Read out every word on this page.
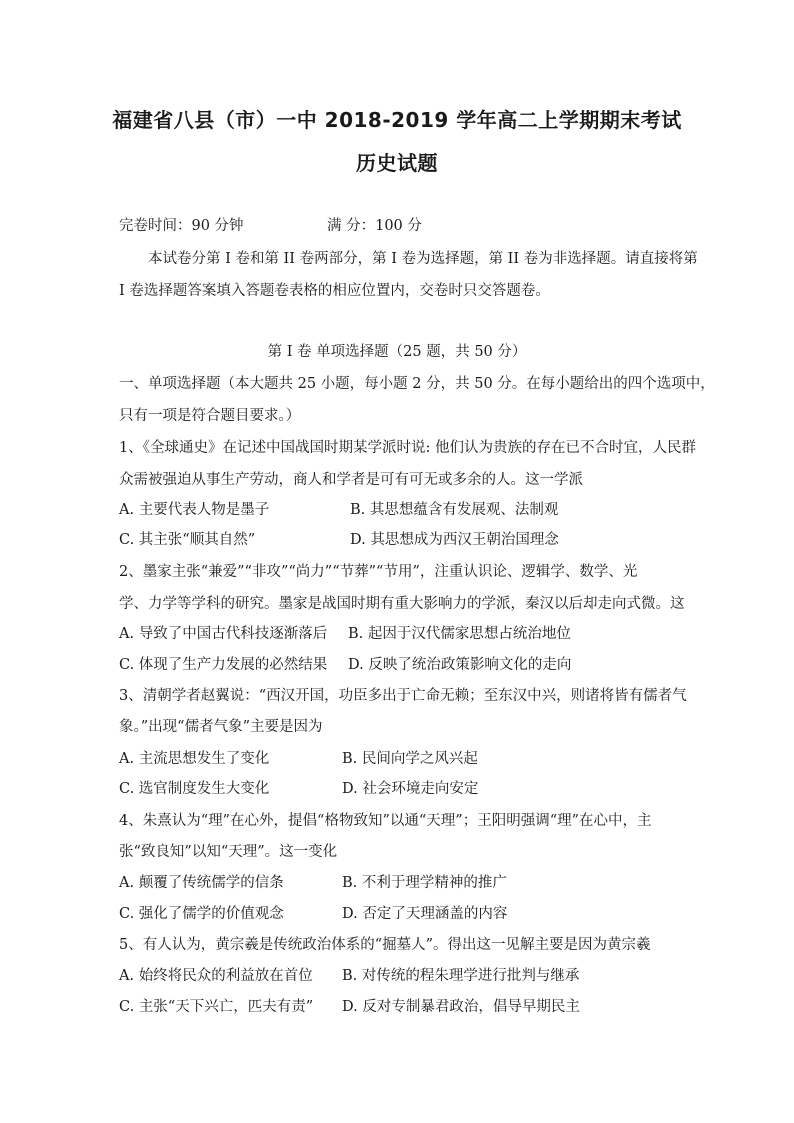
福建省八县（市）一中 2018-2019 学年高二上学期期末考试
历史试题
完卷时间：90 分钟	满 分：100 分
本试卷分第 I 卷和第 II 卷两部分，第 I 卷为选择题，第 II 卷为非选择题。请直接将第
I 卷选择题答案填入答题卷表格的相应位置内，交卷时只交答题卷。
第 I 卷 单项选择题（25 题，共 50 分）
一、单项选择题（本大题共 25 小题，每小题 2 分，共 50 分。在每小题给出的四个选项中，
只有一项是符合题目要求。）
1、《全球通史》在记述中国战国时期某学派时说: 他们认为贵族的存在已不合时宜，人民群
众需被强迫从事生产劳动，商人和学者是可有可无或多余的人。这一学派
A. 主要代表人物是墨子	B. 其思想蕴含有发展观、法制观
C. 其主张“顺其自然”	D. 其思想成为西汉王朝治国理念
2、墨家主张“兼爱”“非攻”“尚力”“节葬”“节用”，注重认识论、逻辑学、数学、光
学、力学等学科的研究。墨家是战国时期有重大影响力的学派，秦汉以后却走向式微。这
A. 导致了中国古代科技逐渐落后 B. 起因于汉代儒家思想占统治地位
C. 体现了生产力发展的必然结果 D. 反映了统治政策影响文化的走向
3、清朝学者赵翼说：“西汉开国，功臣多出于亡命无赖；至东汉中兴，则诸将皆有儒者气
象。”出现“儒者气象”主要是因为
A. 主流思想发生了变化	B. 民间向学之风兴起
C. 选官制度发生大变化	D. 社会环境走向安定
4、朱熹认为“理”在心外，提倡“格物致知”以通“天理”；王阳明强调“理”在心中，主
张“致良知”以知“天理”。这一变化
A. 颠覆了传统儒学的信条	B. 不利于理学精神的推广
C. 强化了儒学的价值观念	D. 否定了天理涵盖的内容
5、有人认为，黄宗羲是传统政治体系的“掘墓人”。得出这一见解主要是因为黄宗羲
A. 始终将民众的利益放在首位 B. 对传统的程朱理学进行批判与继承
C. 主张“天下兴亡，匹夫有责” D. 反对专制暴君政治，倡导早期民主
